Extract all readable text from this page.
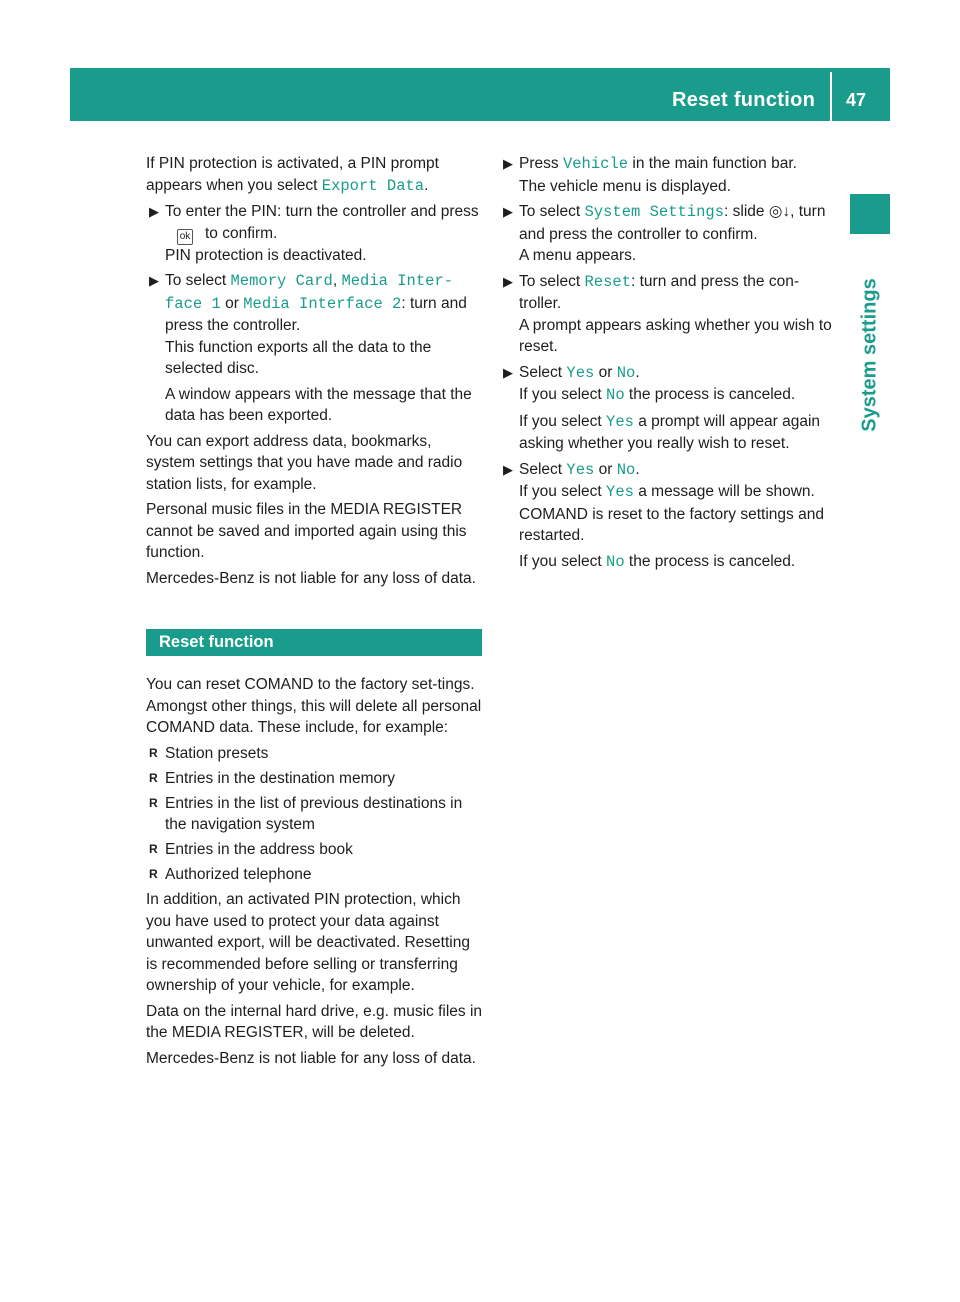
Reset function 47
System settings

If PIN protection is activated, a PIN prompt appears when you select Export Data.

▶ To enter the PIN: turn the controller and pressok to confirm.

PIN protection is deactivated.

▶ To select Memory Card, Media Inter‐face 1 or Media Interface 2: turn and press the controller.

This function exports all the data to the selected disc.

A window appears with the message that the data has been exported.

You can export address data, bookmarks, system settings that you have made and radio station lists, for example.

Personal music files in the MEDIA REGISTER cannot be saved and imported again using this function.

Mercedes-Benz is not liable for any loss of data.

Reset function

You can reset COMAND to the factory set-tings. Amongst other things, this will delete all personal COMAND data. These include, for example:

R Station presets
R Entries in the destination memory
R Entries in the list of previous destinations in the navigation system
R Entries in the address book
R Authorized telephone

In addition, an activated PIN protection, which you have used to protect your data against unwanted export, will be deactivated. Resetting is recommended before selling or transferring ownership of your vehicle, for example.

Data on the internal hard drive, e.g. music files in the MEDIA REGISTER, will be deleted.

Mercedes-Benz is not liable for any loss of data.

▶ Press Vehicle in the main function bar.

The vehicle menu is displayed.

▶ To select System Settings: slide ◎↓, turn and press the controller to confirm.

A menu appears.

▶ To select Reset: turn and press the con-troller.

A prompt appears asking whether you wish to reset.

▶ Select Yes or No.

If you select No the process is canceled.

If you select Yes a prompt will appear again asking whether you really wish to reset.

▶ Select Yes or No.

If you select Yes a message will be shown.

COMAND is reset to the factory settings and restarted.

If you select No the process is canceled.
